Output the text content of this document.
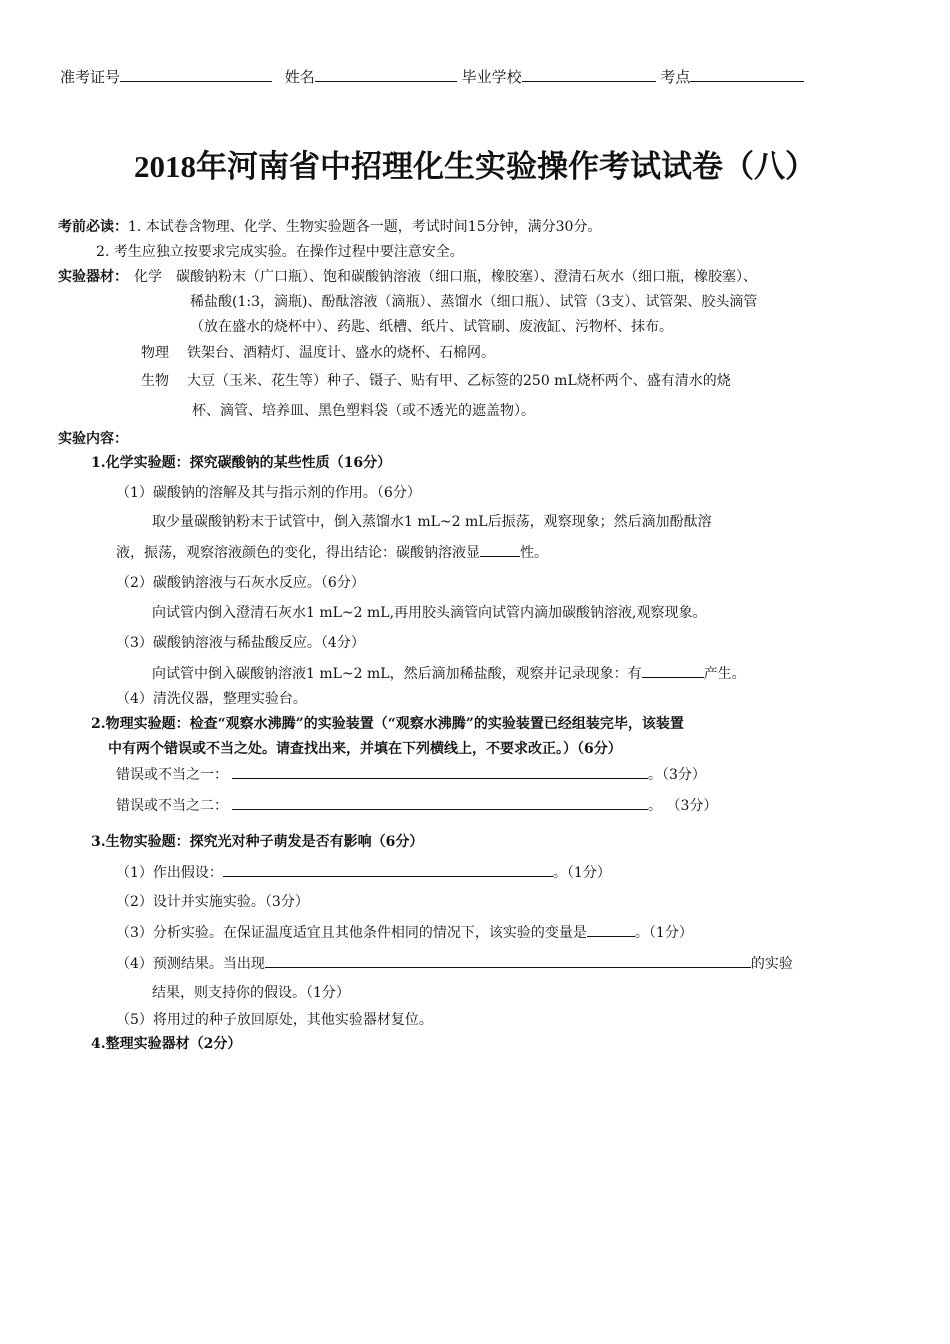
准考证号	姓名	毕业学校	考点
2018年河南省中招理化生实验操作考试试卷（八）
考前必读：1. 本试卷含物理、化学、生物实验题各一题，考试时间15分钟，满分30分。
2. 考生应独立按要求完成实验。在操作过程中要注意安全。
实验器材： 化学 碳酸钠粉末（广口瓶）、饱和碳酸钠溶液（细口瓶，橡胶塞）、澄清石灰水（细口瓶，橡胶塞）、
稀盐酸(1:3，滴瓶)、酚酞溶液（滴瓶）、蒸馏水（细口瓶）、试管（3支）、试管架、胶头滴管
（放在盛水的烧杯中）、药匙、纸槽、纸片、试管刷、废液缸、污物杯、抹布。
物理 铁架台、酒精灯、温度计、盛水的烧杯、石棉网。
生物 大豆（玉米、花生等）种子、镊子、贴有甲、乙标签的250 mL烧杯两个、盛有清水的烧
杯、滴管、培养皿、黑色塑料袋（或不透光的遮盖物）。
实验内容：
1.化学实验题：探究碳酸钠的某些性质（16分）
（1）碳酸钠的溶解及其与指示剂的作用。（6分）
取少量碳酸钠粉末于试管中，倒入蒸馏水1 mL~2 mL后振荡，观察现象；然后滴加酚酞溶
液，振荡，观察溶液颜色的变化，得出结论：碳酸钠溶液显	性。
（2）碳酸钠溶液与石灰水反应。（6分）
向试管内倒入澄清石灰水1 mL~2 mL,再用胶头滴管向试管内滴加碳酸钠溶液,观察现象。
（3）碳酸钠溶液与稀盐酸反应。（4分）
向试管中倒入碳酸钠溶液1 mL~2 mL，然后滴加稀盐酸，观察并记录现象：有	产生。
（4）清洗仪器，整理实验台。
2.物理实验题：检查“观察水沸腾”的实验装置（“观察水沸腾”的实验装置已经组装完毕，该装置
中有两个错误或不当之处。请查找出来，并填在下列横线上，不要求改正。）（6分）
错误或不当之一：	。（3分）
错误或不当之二：	。 （3分）
3.生物实验题：探究光对种子萌发是否有影响（6分）
（1）作出假设：	。（1分）
（2）设计并实施实验。（3分）
（3）分析实验。在保证温度适宜且其他条件相同的情况下，该实验的变量是	。（1分）
（4）预测结果。当出现	的实验
结果，则支持你的假设。（1分）
（5）将用过的种子放回原处，其他实验器材复位。
4.整理实验器材（2分）
